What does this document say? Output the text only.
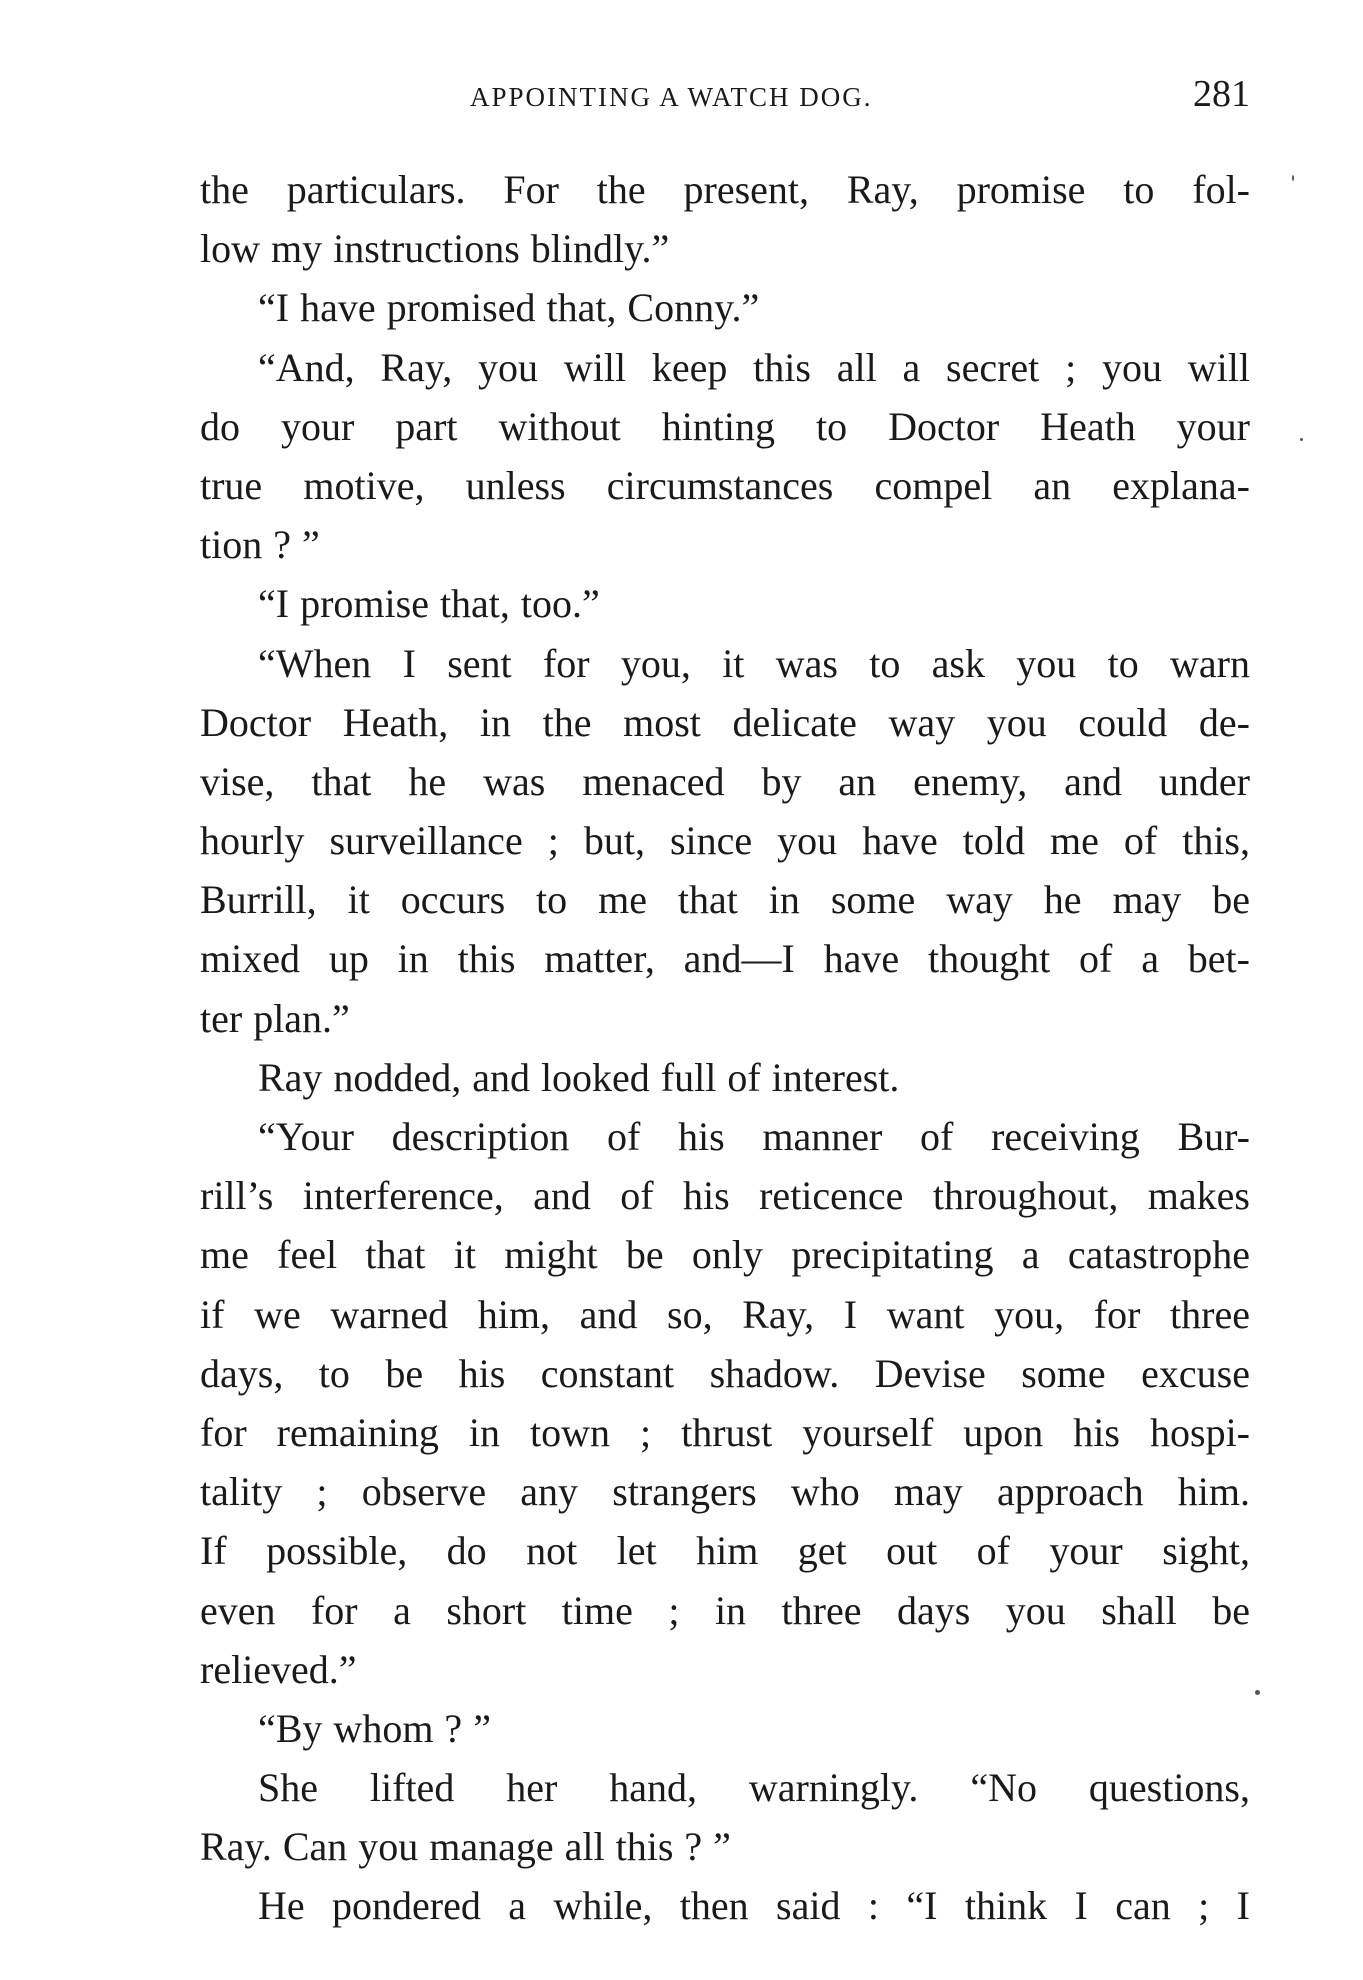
APPOINTING A WATCH DOG.	281
the particulars. For the present, Ray, promise to fol-
low my instructions blindly.”
“I have promised that, Conny.”
“And, Ray, you will keep this all a secret ; you will
do your part without hinting to Doctor Heath your
true motive, unless circumstances compel an explana-
tion ? ”
“I promise that, too.”
“When I sent for you, it was to ask you to warn
Doctor Heath, in the most delicate way you could de-
vise, that he was menaced by an enemy, and under
hourly surveillance ; but, since you have told me of this,
Burrill, it occurs to me that in some way he may be
mixed up in this matter, and—I have thought of a bet-
ter plan.”
Ray nodded, and looked full of interest.
“Your description of his manner of receiving Bur-
rill’s interference, and of his reticence throughout, makes
me feel that it might be only precipitating a catastrophe
if we warned him, and so, Ray, I want you, for three
days, to be his constant shadow. Devise some excuse
for remaining in town ; thrust yourself upon his hospi-
tality ; observe any strangers who may approach him.
If possible, do not let him get out of your sight,
even for a short time ; in three days you shall be
relieved.”
“By whom ? ”
She lifted her hand, warningly. “No questions,
Ray. Can you manage all this ? ”
He pondered a while, then said : “I think I can ; I
